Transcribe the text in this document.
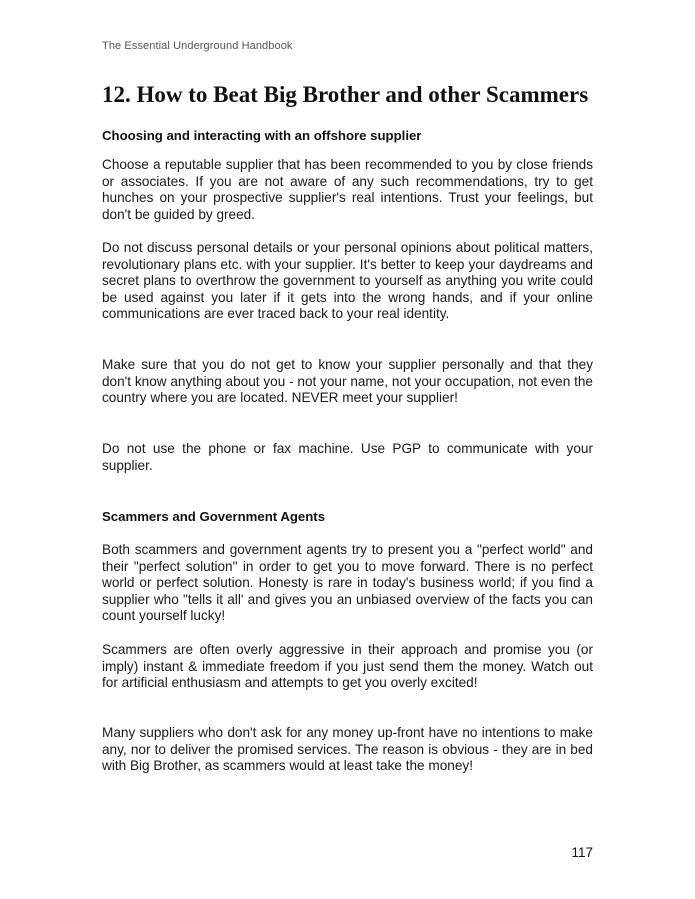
The Essential Underground Handbook
12. How to Beat Big Brother and other Scammers
Choosing and interacting with an offshore supplier

Choose a reputable supplier that has been recommended to you by close friends or associates. If you are not aware of any such recommendations, try to get hunches on your prospective supplier's real intentions. Trust your feelings, but don't be guided by greed.

Do not discuss personal details or your personal opinions about political matters, revolutionary plans etc. with your supplier. It's better to keep your daydreams and secret plans to overthrow the government to yourself as anything you write could be used against you later if it gets into the wrong hands, and if your online communications are ever traced back to your real identity.

Make sure that you do not get to know your supplier personally and that they don't know anything about you - not your name, not your occupation, not even the country where you are located. NEVER meet your supplier!

Do not use the phone or fax machine. Use PGP to communicate with your supplier.

Scammers and Government Agents

Both scammers and government agents try to present you a "perfect world" and their "perfect solution" in order to get you to move forward. There is no perfect world or perfect solution. Honesty is rare in today's business world; if you find a supplier who "tells it all' and gives you an unbiased overview of the facts you can count yourself lucky!

Scammers are often overly aggressive in their approach and promise you (or imply) instant & immediate freedom if you just send them the money. Watch out for artificial enthusiasm and attempts to get you overly excited!

Many suppliers who don't ask for any money up-front have no intentions to make any, nor to deliver the promised services. The reason is obvious - they are in bed with Big Brother, as scammers would at least take the money!

117
